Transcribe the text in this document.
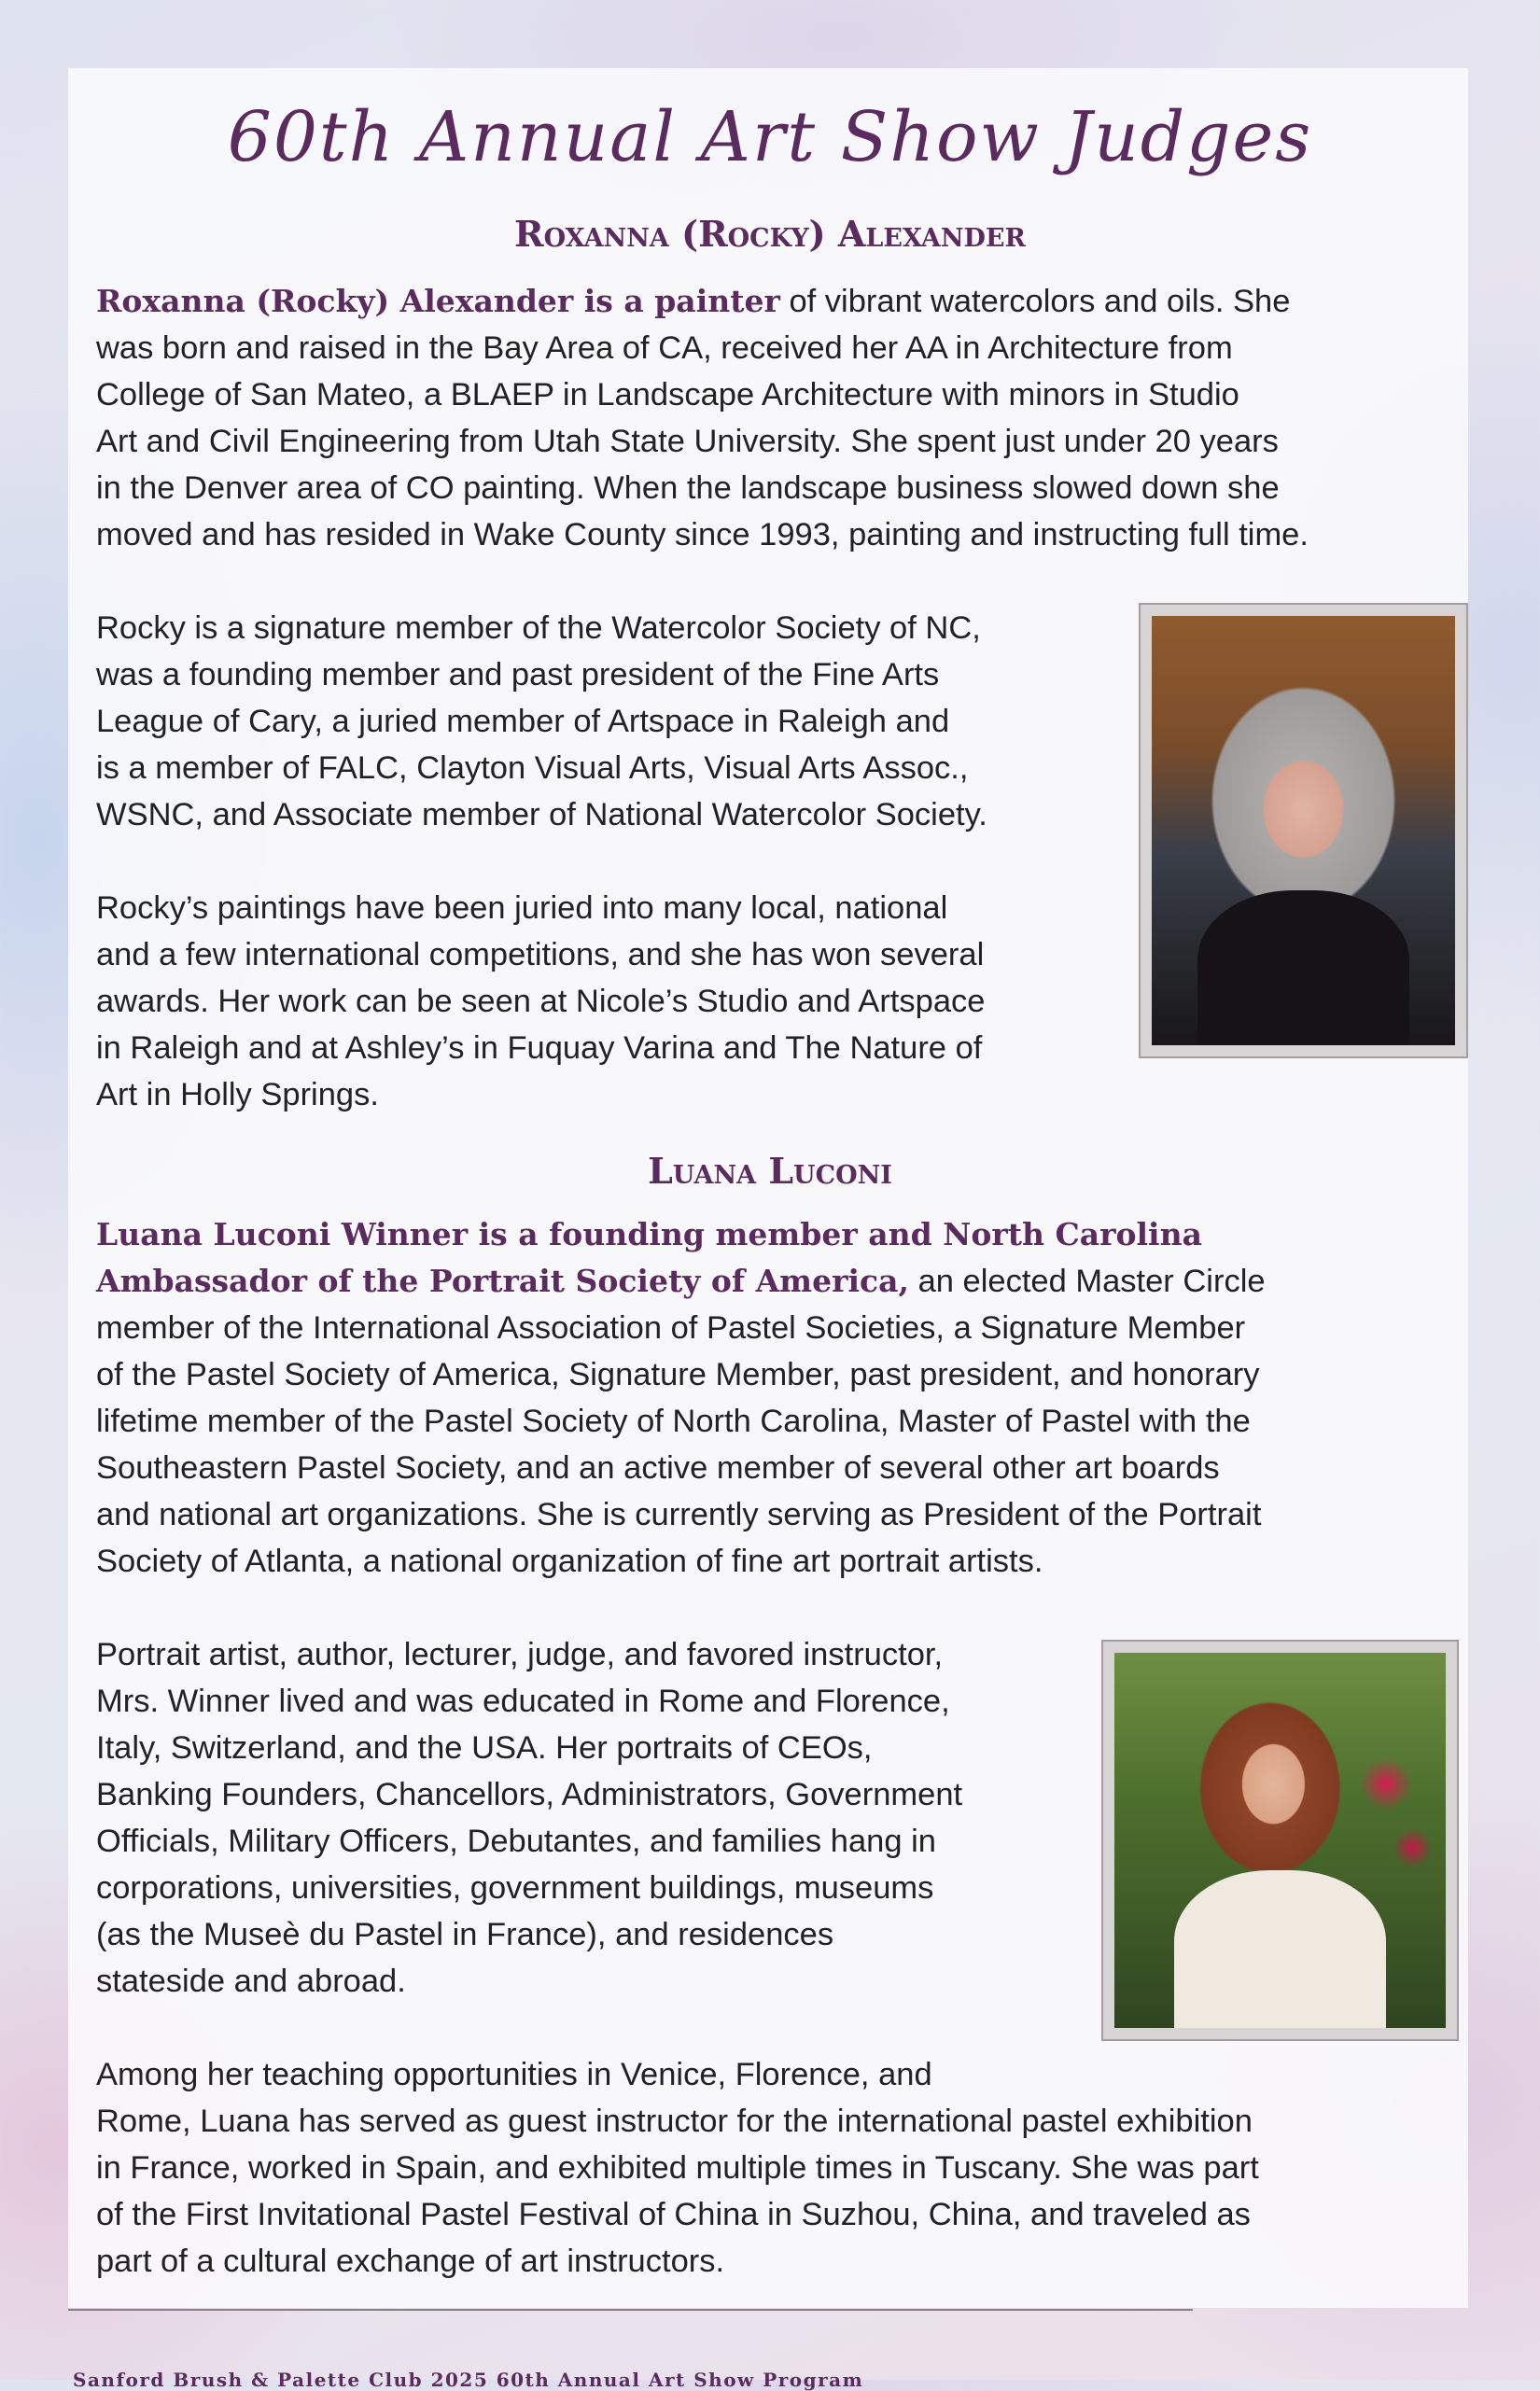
60th Annual Art Show Judges
Roxanna (Rocky) Alexander

Roxanna (Rocky) Alexander is a painter of vibrant watercolors and oils. She
was born and raised in the Bay Area of CA, received her AA in Architecture from
College of San Mateo, a BLAEP in Landscape Architecture with minors in Studio
Art and Civil Engineering from Utah State University. She spent just under 20 years
in the Denver area of CO painting. When the landscape business slowed down she
moved and has resided in Wake County since 1993, painting and instructing full time.

Rocky is a signature member of the Watercolor Society of NC,
was a founding member and past president of the Fine Arts
League of Cary, a juried member of Artspace in Raleigh and
is a member of FALC, Clayton Visual Arts, Visual Arts Assoc.,
WSNC, and Associate member of National Watercolor Society.

Rocky’s paintings have been juried into many local, national
and a few international competitions, and she has won several
awards. Her work can be seen at Nicole’s Studio and Artspace
in Raleigh and at Ashley’s in Fuquay Varina and The Nature of
Art in Holly Springs.

Luana Luconi

Luana Luconi Winner is a founding member and North Carolina
Ambassador of the Portrait Society of America, an elected Master Circle
member of the International Association of Pastel Societies, a Signature Member
of the Pastel Society of America, Signature Member, past president, and honorary
lifetime member of the Pastel Society of North Carolina, Master of Pastel with the
Southeastern Pastel Society, and an active member of several other art boards
and national art organizations. She is currently serving as President of the Portrait
Society of Atlanta, a national organization of fine art portrait artists.

Portrait artist, author, lecturer, judge, and favored instructor,
Mrs. Winner lived and was educated in Rome and Florence,
Italy, Switzerland, and the USA. Her portraits of CEOs,
Banking Founders, Chancellors, Administrators, Government
Officials, Military Officers, Debutantes, and families hang in
corporations, universities, government buildings, museums
(as the Museè du Pastel in France), and residences
stateside and abroad.

Among her teaching opportunities in Venice, Florence, and
Rome, Luana has served as guest instructor for the international pastel exhibition
in France, worked in Spain, and exhibited multiple times in Tuscany. She was part
of the First Invitational Pastel Festival of China in Suzhou, China, and traveled as
part of a cultural exchange of art instructors.

Sanford Brush & Palette Club 2025 60th Annual Art Show Program
